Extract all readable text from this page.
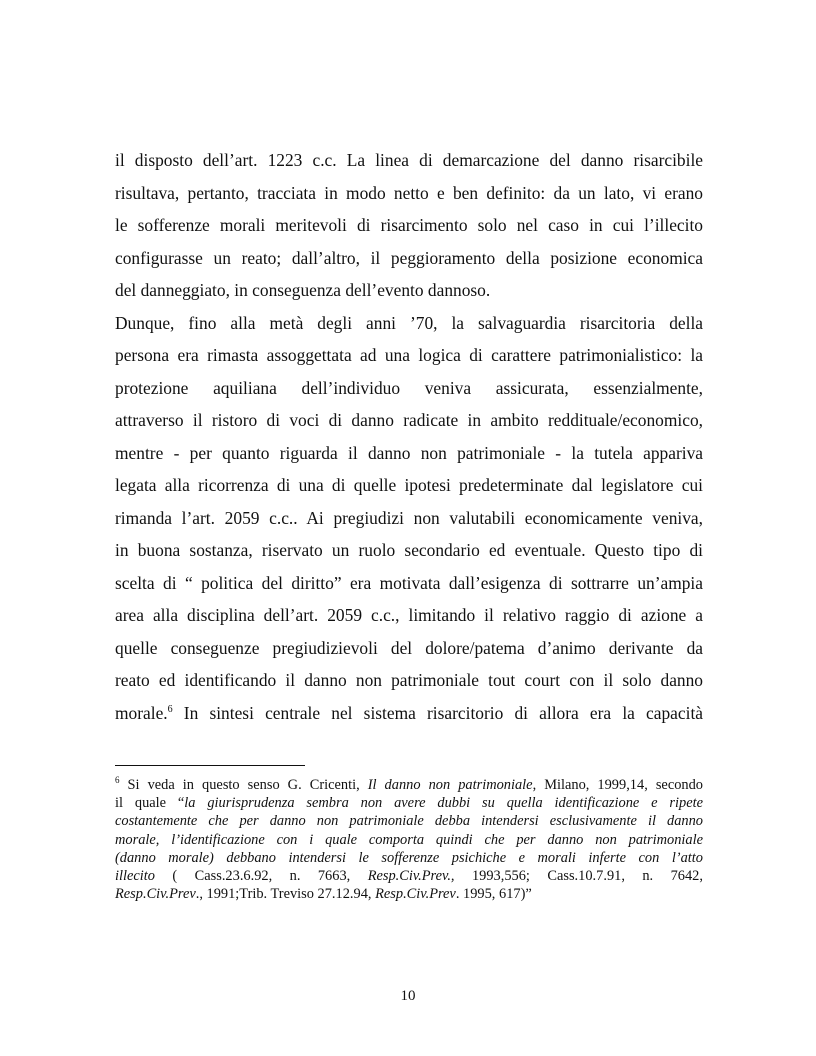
il disposto dell’art. 1223 c.c. La linea di demarcazione del danno risarcibile
risultava, pertanto, tracciata in modo netto e ben definito: da un lato, vi erano
le sofferenze morali meritevoli di risarcimento solo nel caso in cui l’illecito
configurasse un reato; dall’altro, il peggioramento della posizione economica
del danneggiato, in conseguenza dell’evento dannoso.
Dunque, fino alla metà degli anni ’70, la salvaguardia risarcitoria della
persona era rimasta assoggettata ad una logica di carattere patrimonialistico: la
protezione aquiliana dell’individuo veniva assicurata, essenzialmente,
attraverso il ristoro di voci di danno radicate in ambito reddituale/economico,
mentre - per quanto riguarda il danno non patrimoniale - la tutela appariva
legata alla ricorrenza di una di quelle ipotesi predeterminate dal legislatore cui
rimanda l’art. 2059 c.c.. Ai pregiudizi non valutabili economicamente veniva,
in buona sostanza, riservato un ruolo secondario ed eventuale. Questo tipo di
scelta di “ politica del diritto” era motivata dall’esigenza di sottrarre un’ampia
area alla disciplina dell’art. 2059 c.c., limitando il relativo raggio di azione a
quelle conseguenze pregiudizievoli del dolore/patema d’animo derivante da
reato ed identificando il danno non patrimoniale tout court con il solo danno
morale.$^6$ In sintesi centrale nel sistema risarcitorio di allora era la capacità
$^6$ Si veda in questo senso G. Cricenti, Il danno non patrimoniale, Milano, 1999,14, secondo
il quale “la giurisprudenza sembra non avere dubbi su quella identificazione e ripete
costantemente che per danno non patrimoniale debba intendersi esclusivamente il danno
morale, l’identificazione con i quale comporta quindi che per danno non patrimoniale
(danno morale) debbano intendersi le sofferenze psichiche e morali inferte con l’atto
illecito ( Cass.23.6.92, n. 7663, Resp.Civ.Prev., 1993,556; Cass.10.7.91, n. 7642,
Resp.Civ.Prev., 1991;Trib. Treviso 27.12.94, Resp.Civ.Prev. 1995, 617)”
10
